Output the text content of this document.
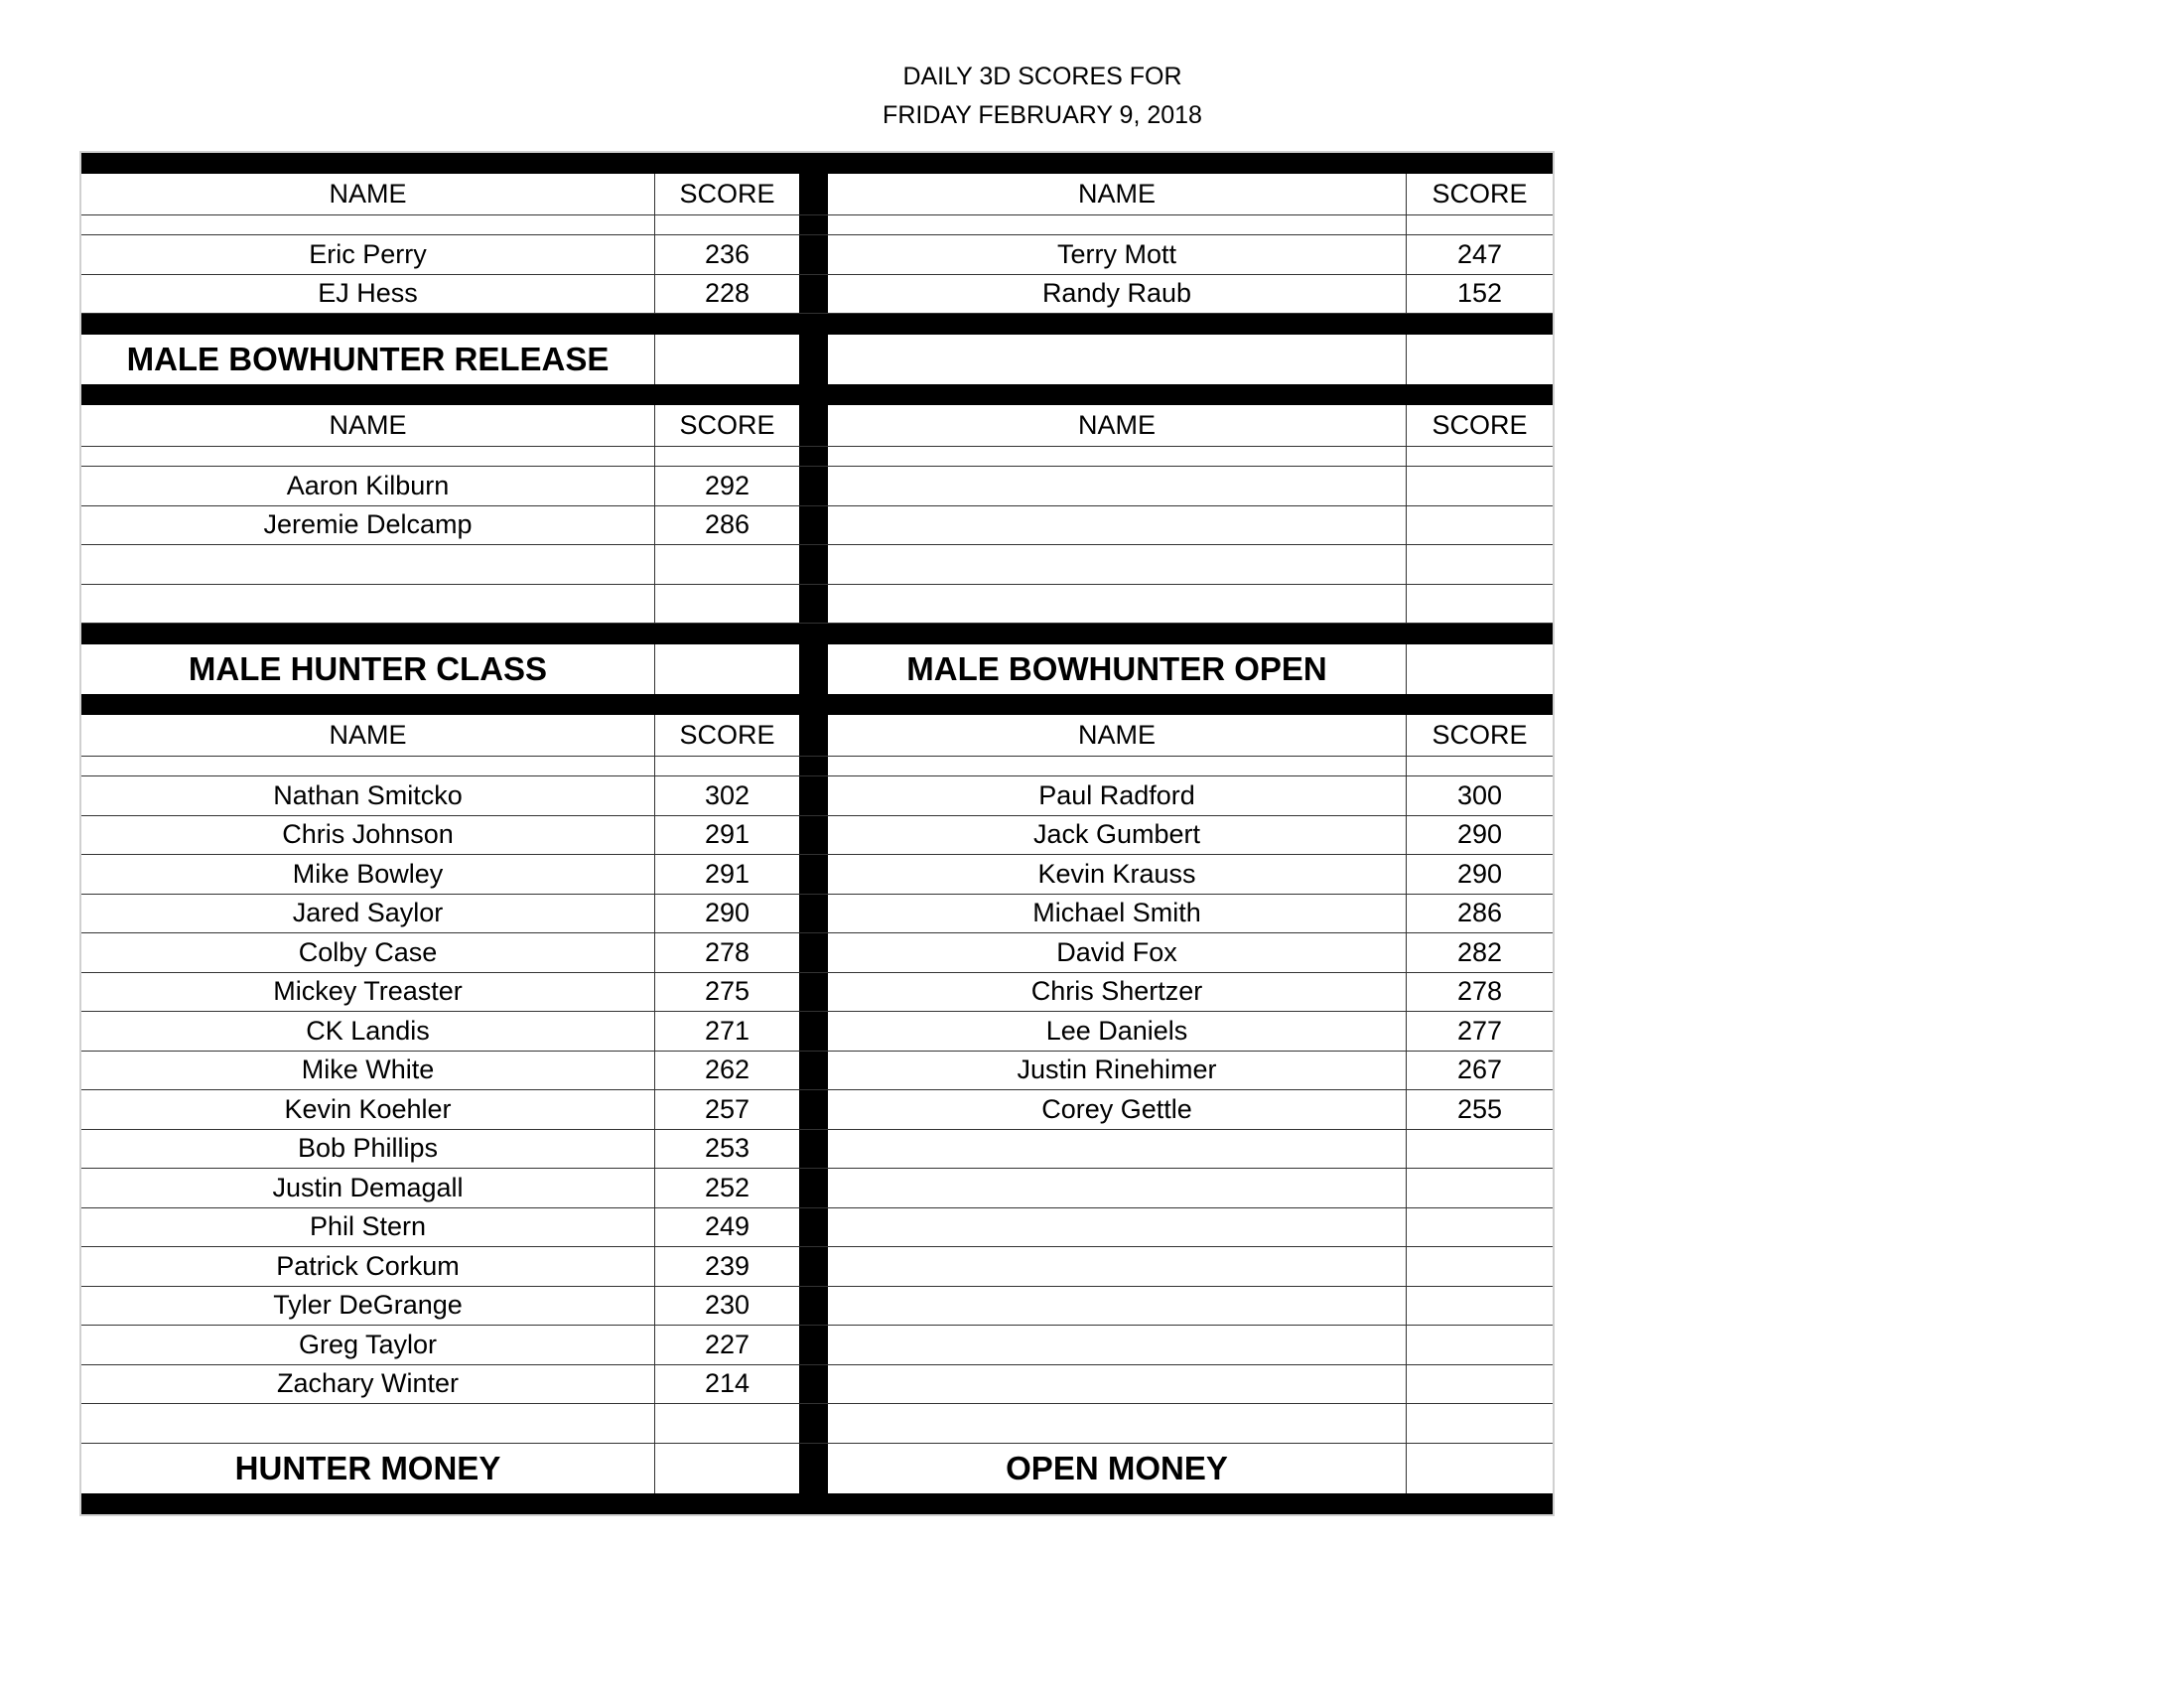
DAILY 3D SCORES FOR
FRIDAY FEBRUARY 9, 2018
NAME	SCORE	NAME	SCORE
Eric Perry	236	Terry Mott	247
EJ Hess	228	Randy Raub	152
MALE BOWHUNTER RELEASE
NAME	SCORE	NAME	SCORE
Aaron Kilburn	292
Jeremie Delcamp	286
MALE HUNTER CLASS	MALE BOWHUNTER OPEN
NAME	SCORE	NAME	SCORE
Nathan Smitcko	302	Paul Radford	300
Chris Johnson	291	Jack Gumbert	290
Mike Bowley	291	Kevin Krauss	290
Jared Saylor	290	Michael Smith	286
Colby Case	278	David Fox	282
Mickey Treaster	275	Chris Shertzer	278
CK Landis	271	Lee Daniels	277
Mike White	262	Justin Rinehimer	267
Kevin Koehler	257	Corey Gettle	255
Bob Phillips	253
Justin Demagall	252
Phil Stern	249
Patrick Corkum	239
Tyler DeGrange	230
Greg Taylor	227
Zachary Winter	214
HUNTER MONEY	OPEN MONEY
